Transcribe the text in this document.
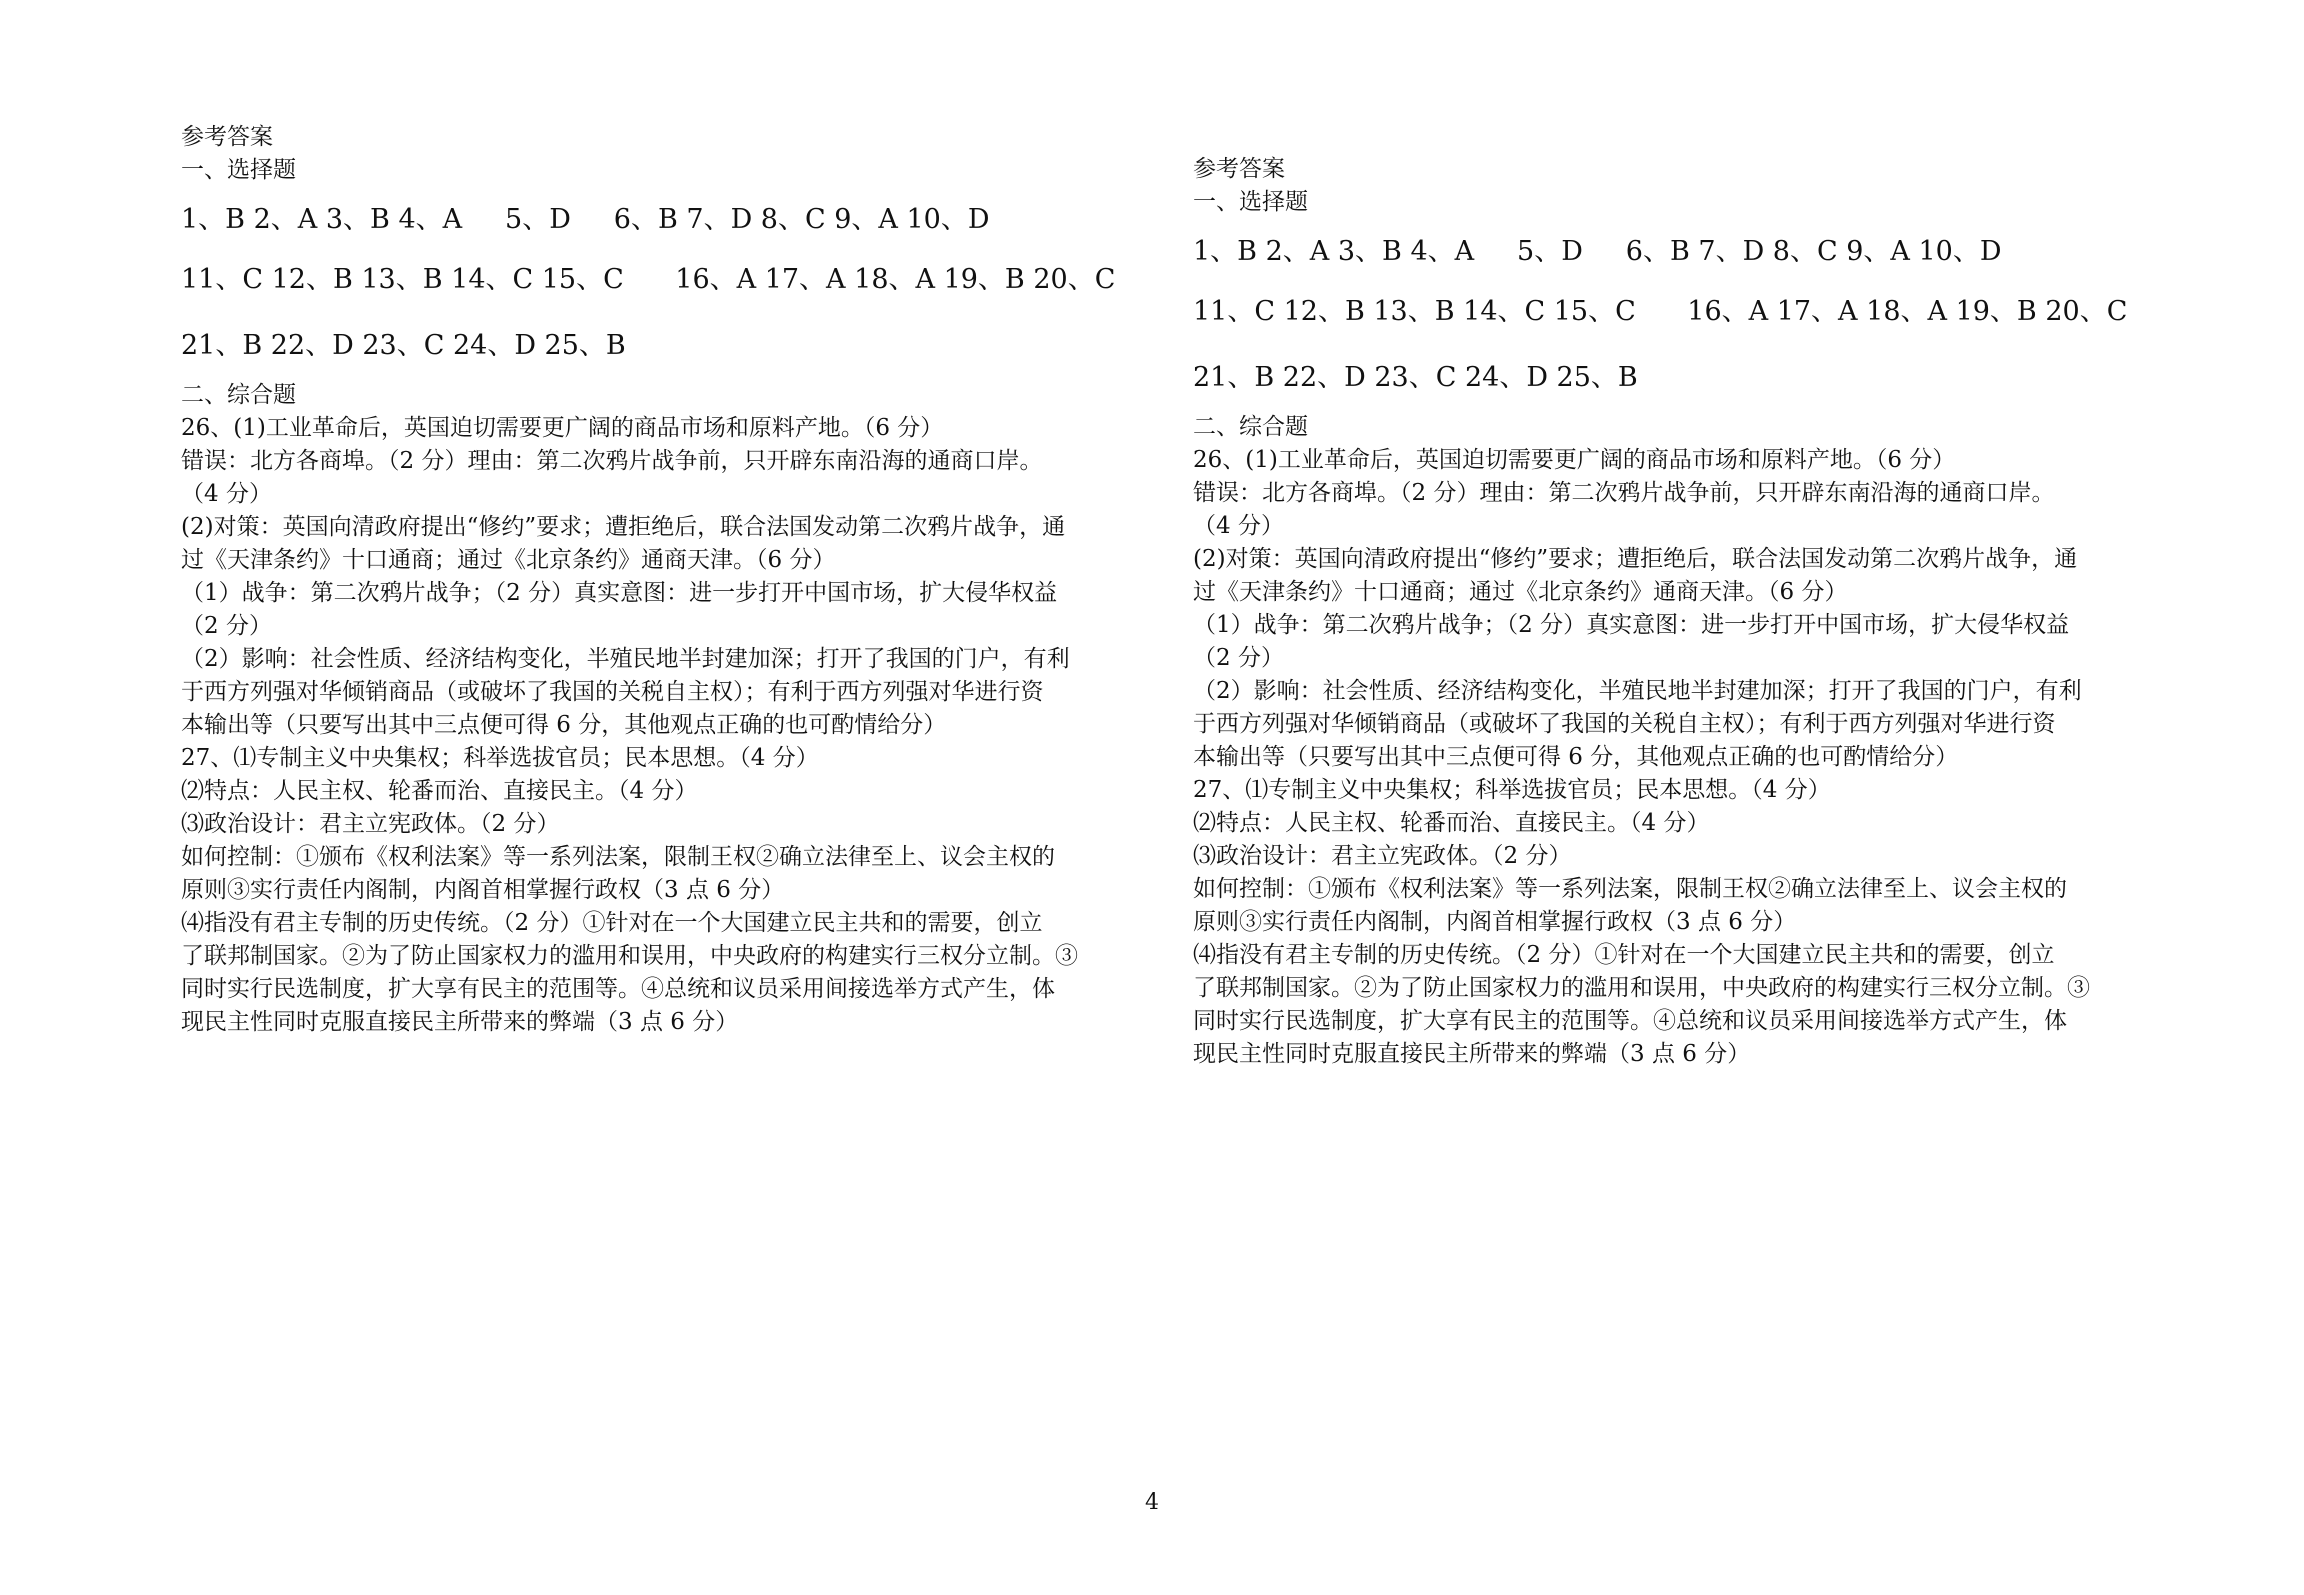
参考答案
一、选择题
1、B 2、A 3、B 4、A     5、D     6、B 7、D 8、C 9、A 10、D
11、C 12、B 13、B 14、C 15、C      16、A 17、A 18、A 19、B 20、C
21、B 22、D 23、C 24、D 25、B
二、综合题
26、(1)工业革命后，英国迫切需要更广阔的商品市场和原料产地。（6 分）
错误：北方各商埠。（2 分）理由：第二次鸦片战争前，只开辟东南沿海的通商口岸。
（4 分）
(2)对策：英国向清政府提出“修约”要求；遭拒绝后，联合法国发动第二次鸦片战争，通
过《天津条约》十口通商；通过《北京条约》通商天津。（6 分）
（1）战争：第二次鸦片战争；（2 分）真实意图：进一步打开中国市场，扩大侵华权益
（2 分）
（2）影响：社会性质、经济结构变化，半殖民地半封建加深；打开了我国的门户，有利
于西方列强对华倾销商品（或破坏了我国的关税自主权）；有利于西方列强对华进行资
本输出等（只要写出其中三点便可得 6 分，其他观点正确的也可酌情给分）
27、⑴专制主义中央集权；科举选拔官员；民本思想。（4 分）
⑵特点：人民主权、轮番而治、直接民主。（4 分）
⑶政治设计：君主立宪政体。（2 分）
如何控制：①颁布《权利法案》等一系列法案，限制王权②确立法律至上、议会主权的
原则③实行责任内阁制，内阁首相掌握行政权（3 点 6 分）
⑷指没有君主专制的历史传统。（2 分）①针对在一个大国建立民主共和的需要，创立
了联邦制国家。②为了防止国家权力的滥用和误用，中央政府的构建实行三权分立制。③
同时实行民选制度，扩大享有民主的范围等。④总统和议员采用间接选举方式产生，体
现民主性同时克服直接民主所带来的弊端（3 点 6 分）
参考答案
一、选择题
1、B 2、A 3、B 4、A     5、D     6、B 7、D 8、C 9、A 10、D
11、C 12、B 13、B 14、C 15、C      16、A 17、A 18、A 19、B 20、C
21、B 22、D 23、C 24、D 25、B
二、综合题
26、(1)工业革命后，英国迫切需要更广阔的商品市场和原料产地。（6 分）
错误：北方各商埠。（2 分）理由：第二次鸦片战争前，只开辟东南沿海的通商口岸。
（4 分）
(2)对策：英国向清政府提出“修约”要求；遭拒绝后，联合法国发动第二次鸦片战争，通
过《天津条约》十口通商；通过《北京条约》通商天津。（6 分）
（1）战争：第二次鸦片战争；（2 分）真实意图：进一步打开中国市场，扩大侵华权益
（2 分）
（2）影响：社会性质、经济结构变化，半殖民地半封建加深；打开了我国的门户，有利
于西方列强对华倾销商品（或破坏了我国的关税自主权）；有利于西方列强对华进行资
本输出等（只要写出其中三点便可得 6 分，其他观点正确的也可酌情给分）
27、⑴专制主义中央集权；科举选拔官员；民本思想。（4 分）
⑵特点：人民主权、轮番而治、直接民主。（4 分）
⑶政治设计：君主立宪政体。（2 分）
如何控制：①颁布《权利法案》等一系列法案，限制王权②确立法律至上、议会主权的
原则③实行责任内阁制，内阁首相掌握行政权（3 点 6 分）
⑷指没有君主专制的历史传统。（2 分）①针对在一个大国建立民主共和的需要，创立
了联邦制国家。②为了防止国家权力的滥用和误用，中央政府的构建实行三权分立制。③
同时实行民选制度，扩大享有民主的范围等。④总统和议员采用间接选举方式产生，体
现民主性同时克服直接民主所带来的弊端（3 点 6 分）
4
